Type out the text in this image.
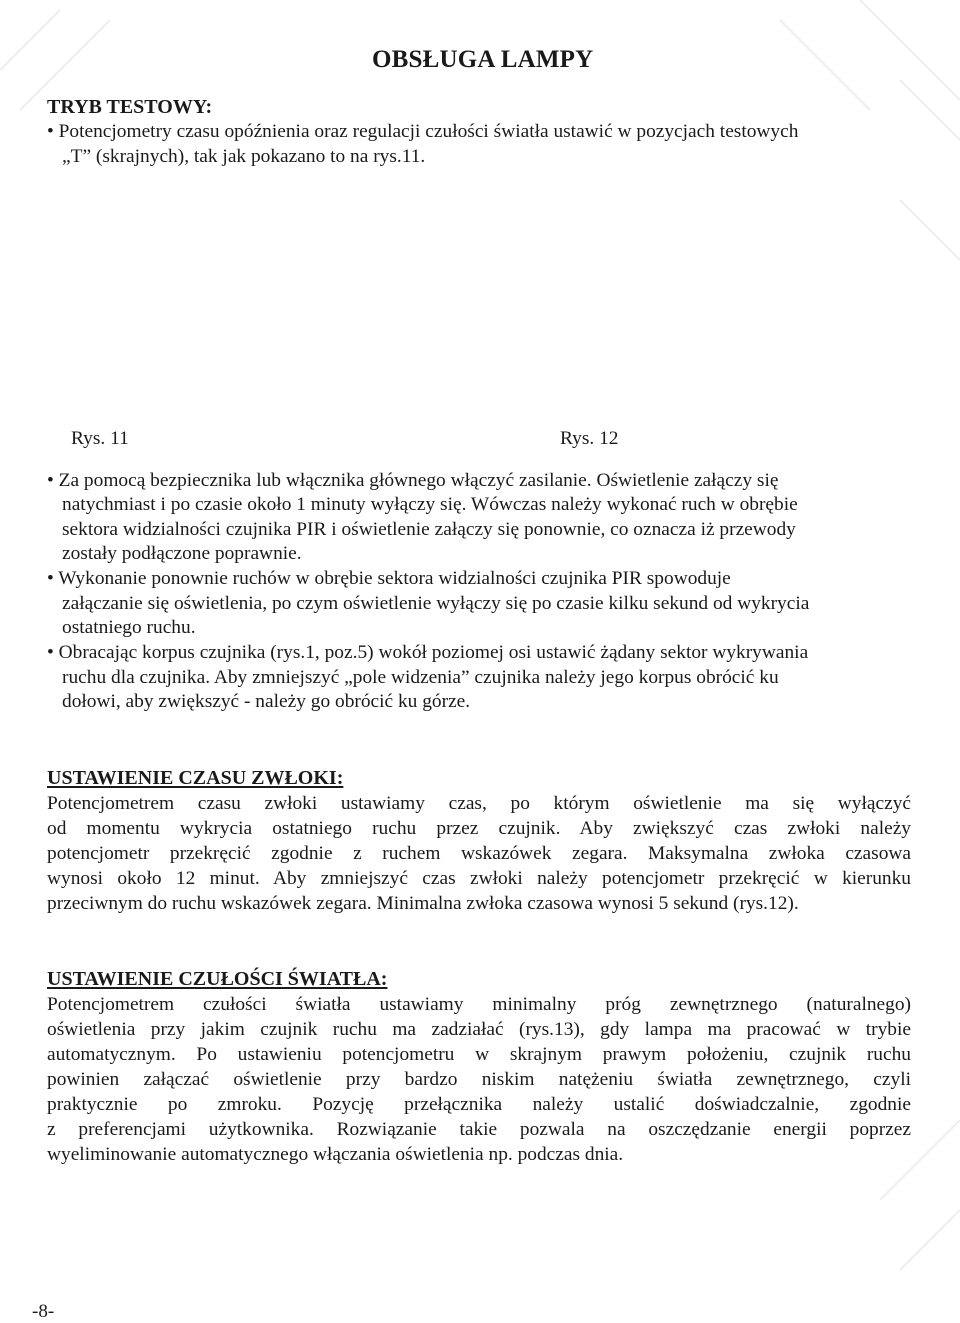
OBSŁUGA LAMPY
TRYB TESTOWY:
• Potencjometry czasu opóźnienia oraz regulacji czułości światła ustawić w pozycjach testowych
„T” (skrajnych), tak jak pokazano to na rys.11.
Rys. 11	Rys. 12
• Za pomocą bezpiecznika lub włącznika głównego włączyć zasilanie. Oświetlenie załączy się
natychmiast i po czasie około 1 minuty wyłączy się. Wówczas należy wykonać ruch w obrębie
sektora widzialności czujnika PIR i oświetlenie załączy się ponownie, co oznacza iż przewody
zostały podłączone poprawnie.
• Wykonanie ponownie ruchów w obrębie sektora widzialności czujnika PIR spowoduje
załączanie się oświetlenia, po czym oświetlenie wyłączy się po czasie kilku sekund od wykrycia
ostatniego ruchu.
• Obracając korpus czujnika (rys.1, poz.5) wokół poziomej osi ustawić żądany sektor wykrywania
ruchu dla czujnika. Aby zmniejszyć „pole widzenia” czujnika należy jego korpus obrócić ku
dołowi, aby zwiększyć - należy go obrócić ku górze.
USTAWIENIE CZASU ZWŁOKI:
Potencjometrem czasu zwłoki ustawiamy czas, po którym oświetlenie ma się wyłączyć
od momentu wykrycia ostatniego ruchu przez czujnik. Aby zwiększyć czas zwłoki należy
potencjometr przekręcić zgodnie z ruchem wskazówek zegara. Maksymalna zwłoka czasowa
wynosi około 12 minut. Aby zmniejszyć czas zwłoki należy potencjometr przekręcić w kierunku
przeciwnym do ruchu wskazówek zegara. Minimalna zwłoka czasowa wynosi 5 sekund (rys.12).
USTAWIENIE CZUŁOŚCI ŚWIATŁA:
Potencjometrem czułości światła ustawiamy minimalny próg zewnętrznego (naturalnego)
oświetlenia przy jakim czujnik ruchu ma zadziałać (rys.13), gdy lampa ma pracować w trybie
automatycznym. Po ustawieniu potencjometru w skrajnym prawym położeniu, czujnik ruchu
powinien załączać oświetlenie przy bardzo niskim natężeniu światła zewnętrznego, czyli
praktycznie po zmroku. Pozycję przełącznika należy ustalić doświadczalnie, zgodnie
z preferencjami użytkownika. Rozwiązanie takie pozwala na oszczędzanie energii poprzez
wyeliminowanie automatycznego włączania oświetlenia np. podczas dnia.
-8-
